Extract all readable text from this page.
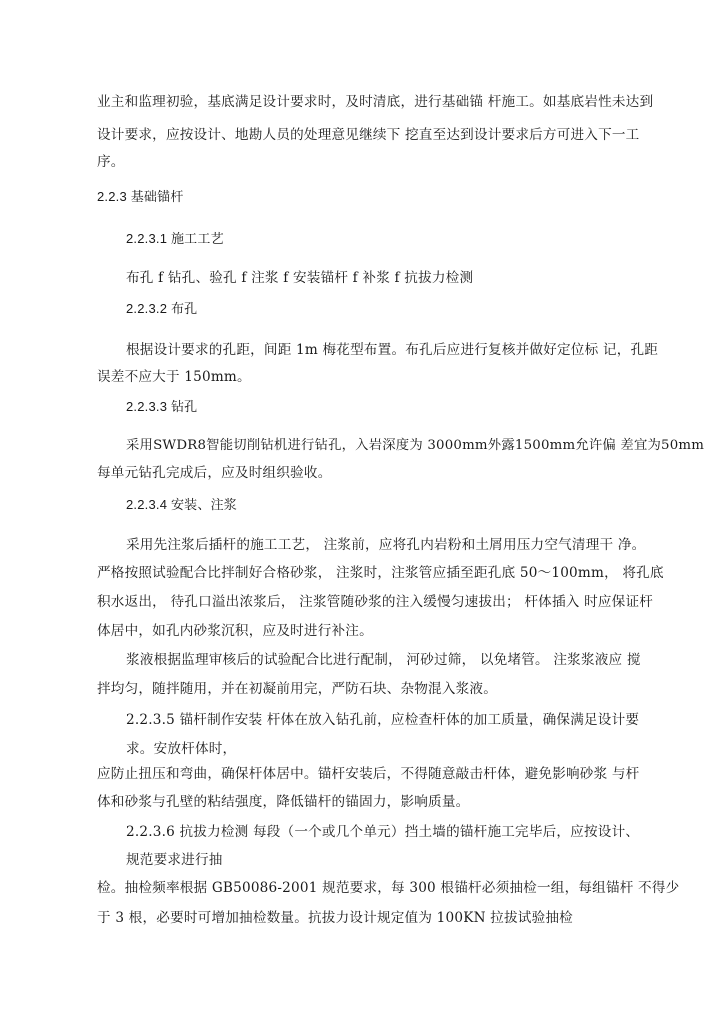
业主和监理初验，基底满足设计要求时，及时清底，进行基础锚 杆施工。如基底岩性未达到
设计要求，应按设计、地勘人员的处理意见继续下 挖直至达到设计要求后方可进入下一工
序。
2.2.3 基础锚杆
2.2.3.1 施工工艺
布孔 f 钻孔、验孔 f 注浆 f 安装锚杆 f 补浆 f 抗拔力检测
2.2.3.2 布孔
根据设计要求的孔距，间距 1m 梅花型布置。布孔后应进行复核并做好定位标 记，孔距
误差不应大于 150mm。
2.2.3.3 钻孔
采用SWDR8智能切削钻机进行钻孔，入岩深度为 3000mm外露1500mm允许偏 差宜为50mm
每单元钻孔完成后，应及时组织验收。
2.2.3.4 安装、注浆
采用先注浆后插杆的施工工艺， 注浆前，应将孔内岩粉和土屑用压力空气清理干 净。
严格按照试验配合比拌制好合格砂浆， 注浆时，注浆管应插至距孔底 50～100mm， 将孔底
积水返出， 待孔口溢出浓浆后， 注浆管随砂浆的注入缓慢匀速拔出； 杆体插入 时应保证杆
体居中，如孔内砂浆沉积，应及时进行补注。
浆液根据监理审核后的试验配合比进行配制， 河砂过筛， 以免堵管。 注浆浆液应 搅
拌均匀，随拌随用，并在初凝前用完，严防石块、杂物混入浆液。
2.2.3.5 锚杆制作安装 杆体在放入钻孔前，应检查杆体的加工质量，确保满足设计要
求。安放杆体时，
应防止扭压和弯曲，确保杆体居中。锚杆安装后，不得随意敲击杆体，避免影响砂浆 与杆
体和砂浆与孔壁的粘结强度，降低锚杆的锚固力，影响质量。
2.2.3.6 抗拔力检测 每段（一个或几个单元）挡土墙的锚杆施工完毕后，应按设计、
规范要求进行抽
检。抽检频率根据 GB50086-2001 规范要求，每 300 根锚杆必须抽检一组，每组锚杆 不得少
于 3 根，必要时可增加抽检数量。抗拔力设计规定值为 100KN 拉拔试验抽检
